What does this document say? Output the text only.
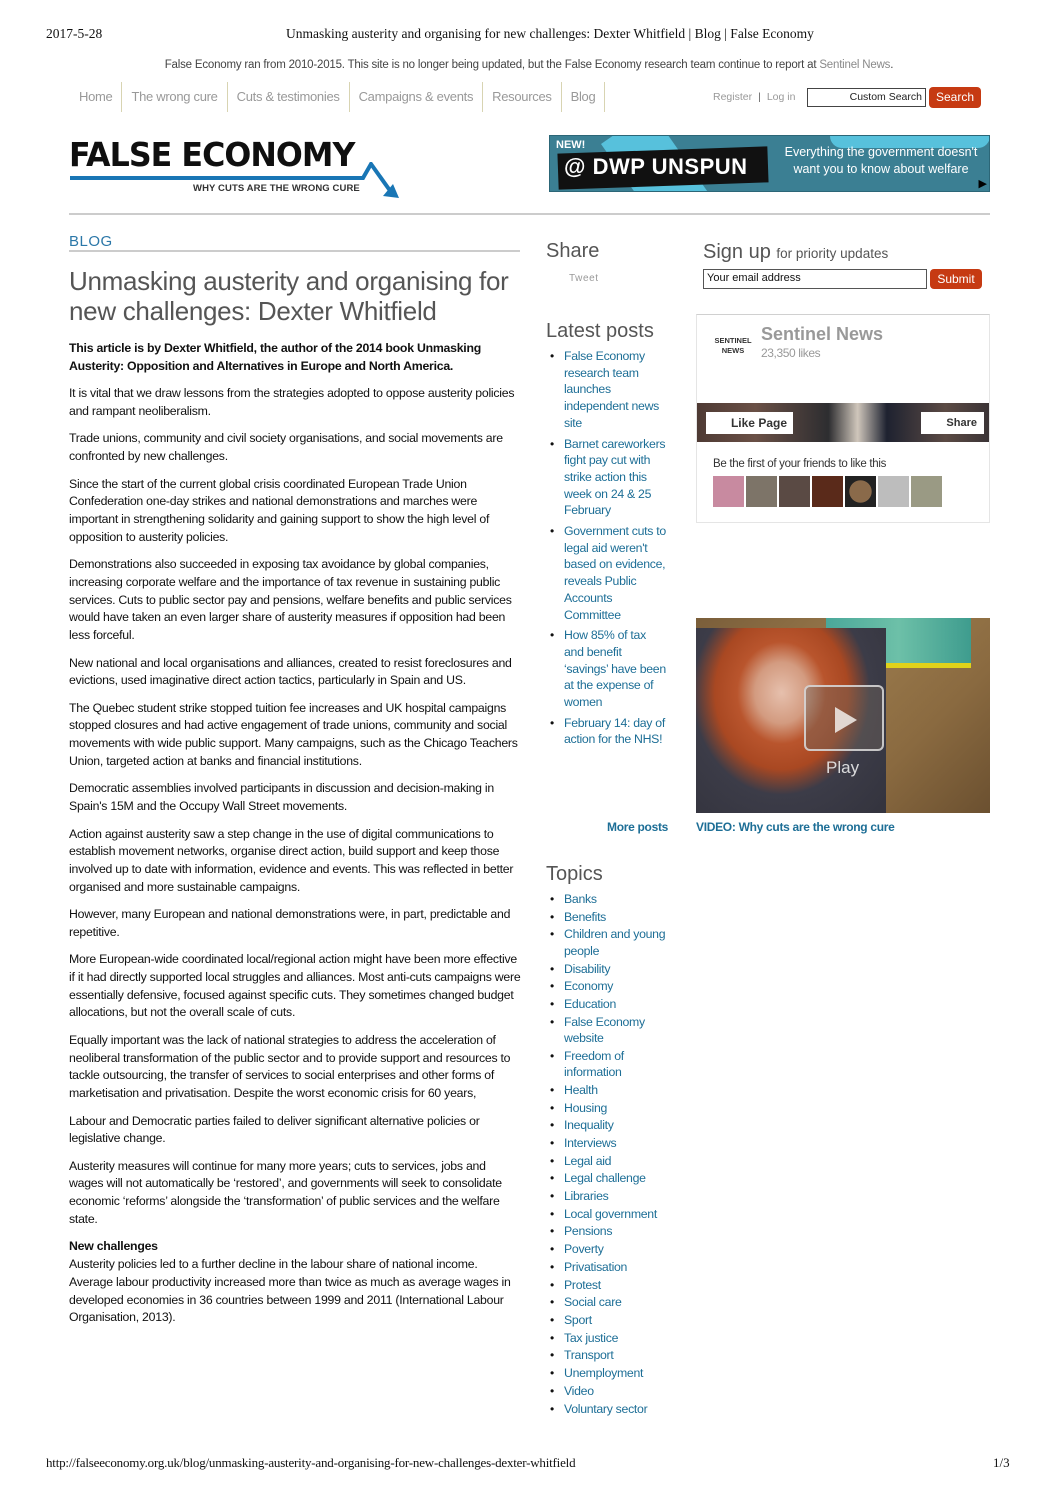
2017-5-28	Unmasking austerity and organising for new challenges: Dexter Whitfield | Blog | False Economy
False Economy ran from 2010-2015. This site is no longer being updated, but the False Economy research team continue to report at Sentinel News.
Home	The wrong cure	Cuts & testimonies	Campaigns & events	Resources	Blog	Register | Log in	Custom Search	Search
FALSE ECONOMY
WHY CUTS ARE THE WRONG CURE
NEW!
@ DWP UNSPUN
Everything the government doesn't want you to know about welfare
▶
BLOG
Unmasking austerity and organising for new challenges: Dexter Whitfield

This article is by Dexter Whitfield, the author of the 2014 book Unmasking Austerity: Opposition and Alternatives in Europe and North America.

It is vital that we draw lessons from the strategies adopted to oppose austerity policies and rampant neoliberalism.

Trade unions, community and civil society organisations, and social movements are confronted by new challenges.

Since the start of the current global crisis coordinated European Trade Union Confederation one-day strikes and national demonstrations and marches were important in strengthening solidarity and gaining support to show the high level of opposition to austerity policies.

Demonstrations also succeeded in exposing tax avoidance by global companies, increasing corporate welfare and the importance of tax revenue in sustaining public services. Cuts to public sector pay and pensions, welfare benefits and public services would have taken an even larger share of austerity measures if opposition had been less forceful.

New national and local organisations and alliances, created to resist foreclosures and evictions, used imaginative direct action tactics, particularly in Spain and US.

The Quebec student strike stopped tuition fee increases and UK hospital campaigns stopped closures and had active engagement of trade unions, community and social movements with wide public support. Many campaigns, such as the Chicago Teachers Union, targeted action at banks and financial institutions.

Democratic assemblies involved participants in discussion and decision-making in Spain's 15M and the Occupy Wall Street movements.

Action against austerity saw a step change in the use of digital communications to establish movement networks, organise direct action, build support and keep those involved up to date with information, evidence and events. This was reflected in better organised and more sustainable campaigns.

However, many European and national demonstrations were, in part, predictable and repetitive.

More European-wide coordinated local/regional action might have been more effective if it had directly supported local struggles and alliances. Most anti-cuts campaigns were essentially defensive, focused against specific cuts. They sometimes changed budget allocations, but not the overall scale of cuts.

Equally important was the lack of national strategies to address the acceleration of neoliberal transformation of the public sector and to provide support and resources to tackle outsourcing, the transfer of services to social enterprises and other forms of marketisation and privatisation. Despite the worst economic crisis for 60 years,

Labour and Democratic parties failed to deliver significant alternative policies or legislative change.

Austerity measures will continue for many more years; cuts to services, jobs and wages will not automatically be ‘restored’, and governments will seek to consolidate economic ‘reforms’ alongside the ‘transformation’ of public services and the welfare state.

New challenges

Austerity policies led to a further decline in the labour share of national income. Average labour productivity increased more than twice as much as average wages in developed economies in 36 countries between 1999 and 2011 (International Labour Organisation, 2013).

Share
Tweet
Sign up for priority updates
Your email address	Submit
Latest posts
• False Economy research team launches independent news site
• Barnet careworkers fight pay cut with strike action this week on 24 & 25 February
• Government cuts to legal aid weren't based on evidence, reveals Public Accounts Committee
• How 85% of tax and benefit ‘savings’ have been at the expense of women
• February 14: day of action for the NHS!
More posts
SENTINEL
NEWS
Sentinel News
23,350 likes
Like Page	Share
Be the first of your friends to like this
Play
VIDEO: Why cuts are the wrong cure
Topics
• Banks
• Benefits
• Children and young people
• Disability
• Economy
• Education
• False Economy website
• Freedom of information
• Health
• Housing
• Inequality
• Interviews
• Legal aid
• Legal challenge
• Libraries
• Local government
• Pensions
• Poverty
• Privatisation
• Protest
• Social care
• Sport
• Tax justice
• Transport
• Unemployment
• Video
• Voluntary sector
http://falseeconomy.org.uk/blog/unmasking-austerity-and-organising-for-new-challenges-dexter-whitfield	1/3
